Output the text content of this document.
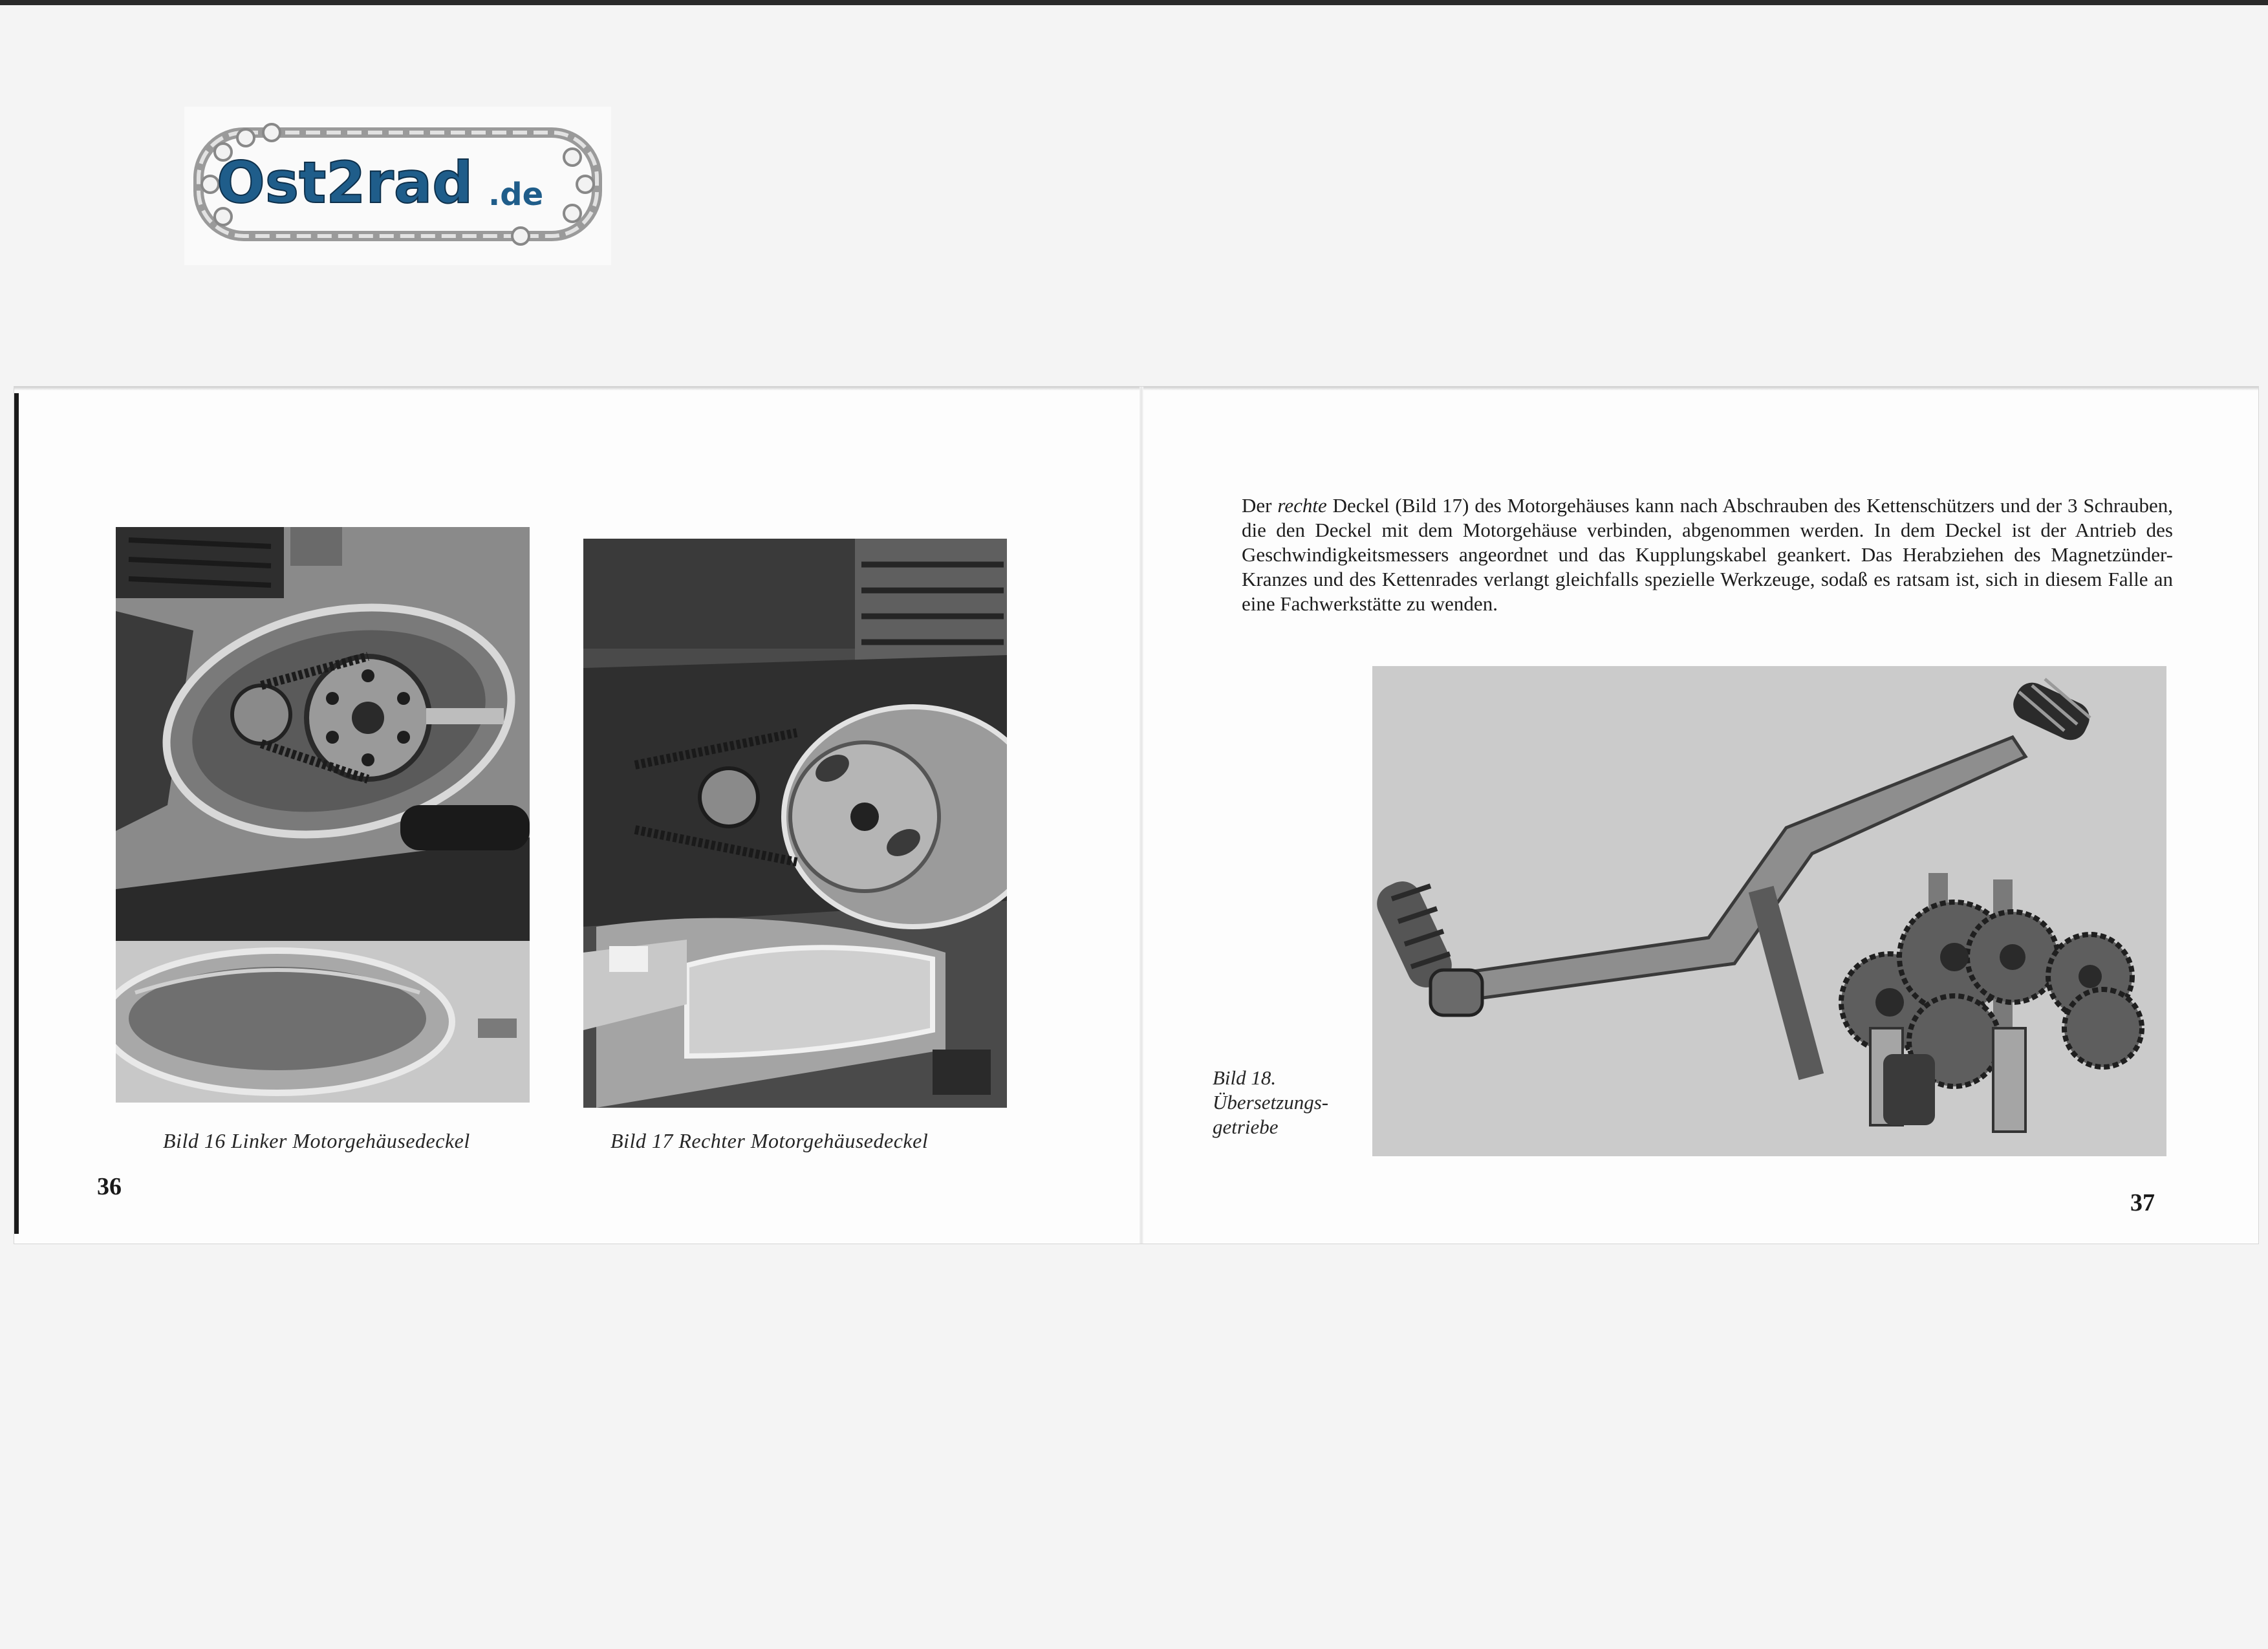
Ost2rad .de
Bild 16 Linker Motorgehäusedeckel	Bild 17 Rechter Motorgehäusedeckel
36
Der rechte Deckel (Bild 17) des Motorgehäuses kann nach Abschrauben des Kettenschützers und der 3 Schrauben, die den Deckel mit dem Motorgehäuse verbinden, abgenommen werden. In dem Deckel ist der Antrieb des Geschwindigkeitsmessers angeordnet und das Kupplungskabel geankert. Das Herabziehen des Magnetzünder-Kranzes und des Kettenrades verlangt gleichfalls spezielle Werkzeuge, sodaß es ratsam ist, sich in diesem Falle an eine Fachwerkstätte zu wenden.
Bild 18.
Übersetzungs-
getriebe
37
